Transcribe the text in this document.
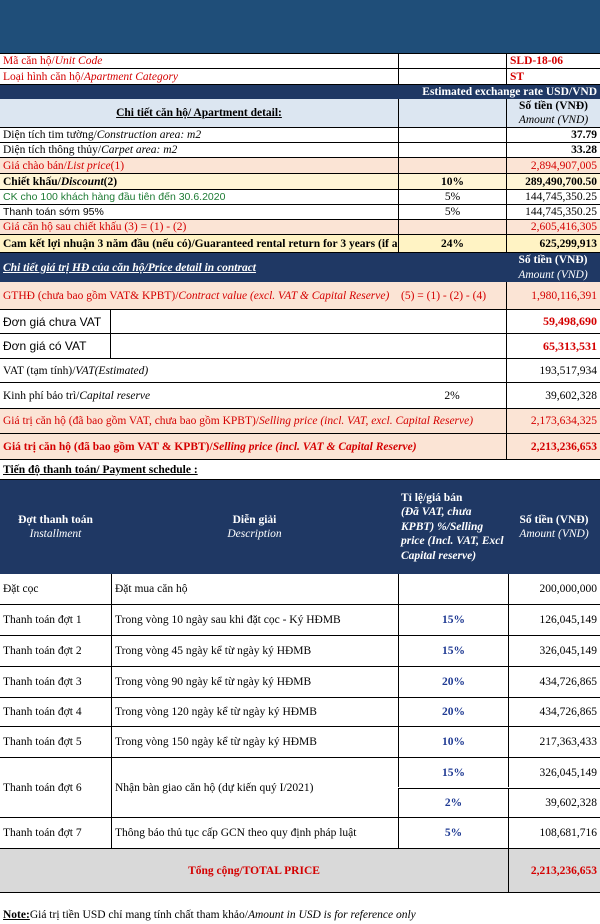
Mã căn hộ/ Unit Code	SLD-18-06
Loại hình căn hộ/ Apartment Category	ST
Estimated exchange rate USD/VND
Chi tiết căn hộ/ Apartment detail:
Số tiền (VNĐ)
Amount (VND)
Diện tích tim tường/ Construction area: m2	37.79
Diện tích thông thủy/ Carpet area: m2	33.28
Giá chào bán/ List price (1)	2,894,907,005
Chiết khấu/ Discount (2)	10%	289,490,700.50
CK cho 100 khách hàng đầu tiên đến 30.6.2020	5%	144,745,350.25
Thanh toán sớm 95%	5%	144,745,350.25
Giá căn hộ sau chiết khấu (3) = (1) - (2)	2,605,416,305
Cam kết lợi nhuận 3 năm đầu (nếu có)/Guaranteed rental return for 3 years (if a	24%	625,299,913
Chi tiết giá trị HĐ của căn hộ/Price detail in contract
Số tiền (VNĐ)
Amount (VND)
GTHĐ (chưa bao gồm VAT& KPBT)/ Contract value (excl. VAT & Capital Reserve) (5) = (1) - (2) - (4)	1,980,116,391
Đơn giá chưa VAT	59,498,690
Đơn giá có VAT	65,313,531
VAT (tạm tính)/ VAT(Estimated)	193,517,934
Kinh phí bảo trì/ Capital reserve	2%	39,602,328
Giá trị căn hộ (đã bao gồm VAT, chưa bao gồm KPBT)/ Selling price (incl. VAT, excl. Capital Reserve)	2,173,634,325
Giá trị căn hộ (đã bao gồm VAT & KPBT)/ Selling price (incl. VAT & Capital Reserve)	2,213,236,653
Tiến độ thanh toán/ Payment schedule :
Đợt thanh toán
Installment
Diễn giải
Description
Tỉ lệ/giá bán
(Đã VAT, chưa KPBT) %/Selling price (Incl. VAT, Excl Capital reserve)
Số tiền (VNĐ)
Amount (VND)
Đặt cọc	Đặt mua căn hộ	200,000,000
Thanh toán đợt 1	Trong vòng 10 ngày sau khi đặt cọc - Ký HĐMB	15%	126,045,149
Thanh toán đợt 2	Trong vòng 45 ngày kể từ ngày ký HĐMB	15%	326,045,149
Thanh toán đợt 3	Trong vòng 90 ngày kể từ ngày ký HĐMB	20%	434,726,865
Thanh toán đợt 4	Trong vòng 120 ngày kể từ ngày ký HĐMB	20%	434,726,865
Thanh toán đợt 5	Trong vòng 150 ngày kể từ ngày ký HĐMB	10%	217,363,433
Thanh toán đợt 6	Nhận bàn giao căn hộ (dự kiến quý I/2021)
15%	326,045,149
2%	39,602,328
Thanh toán đợt 7	Thông báo thủ tục cấp GCN theo quy định pháp luật	5%	108,681,716
Tổng cộng/TOTAL PRICE	2,213,236,653
Note: Giá trị tiền USD chỉ mang tính chất tham khảo/ Amount in USD is for reference only
